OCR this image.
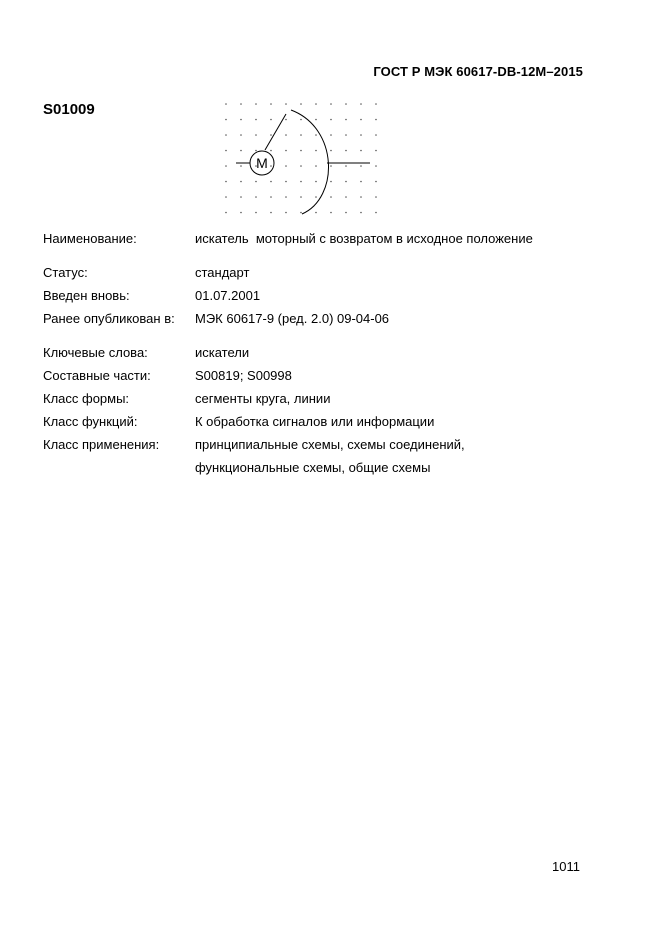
ГОСТ Р МЭК 60617-DB-12M–2015
S01009
M
Наименование:	искатель  моторный с возвратом в исходное положение
Статус:	стандарт
Введен вновь:	01.07.2001
Ранее опубликован в:	МЭК 60617-9 (ред. 2.0) 09-04-06
Ключевые слова:	искатели
Составные части:	S00819; S00998
Класс формы:	сегменты круга, линии
Класс функций:	К обработка сигналов или информации
Класс применения:	принципиальные схемы, схемы соединений,
функциональные схемы, общие схемы
1011
